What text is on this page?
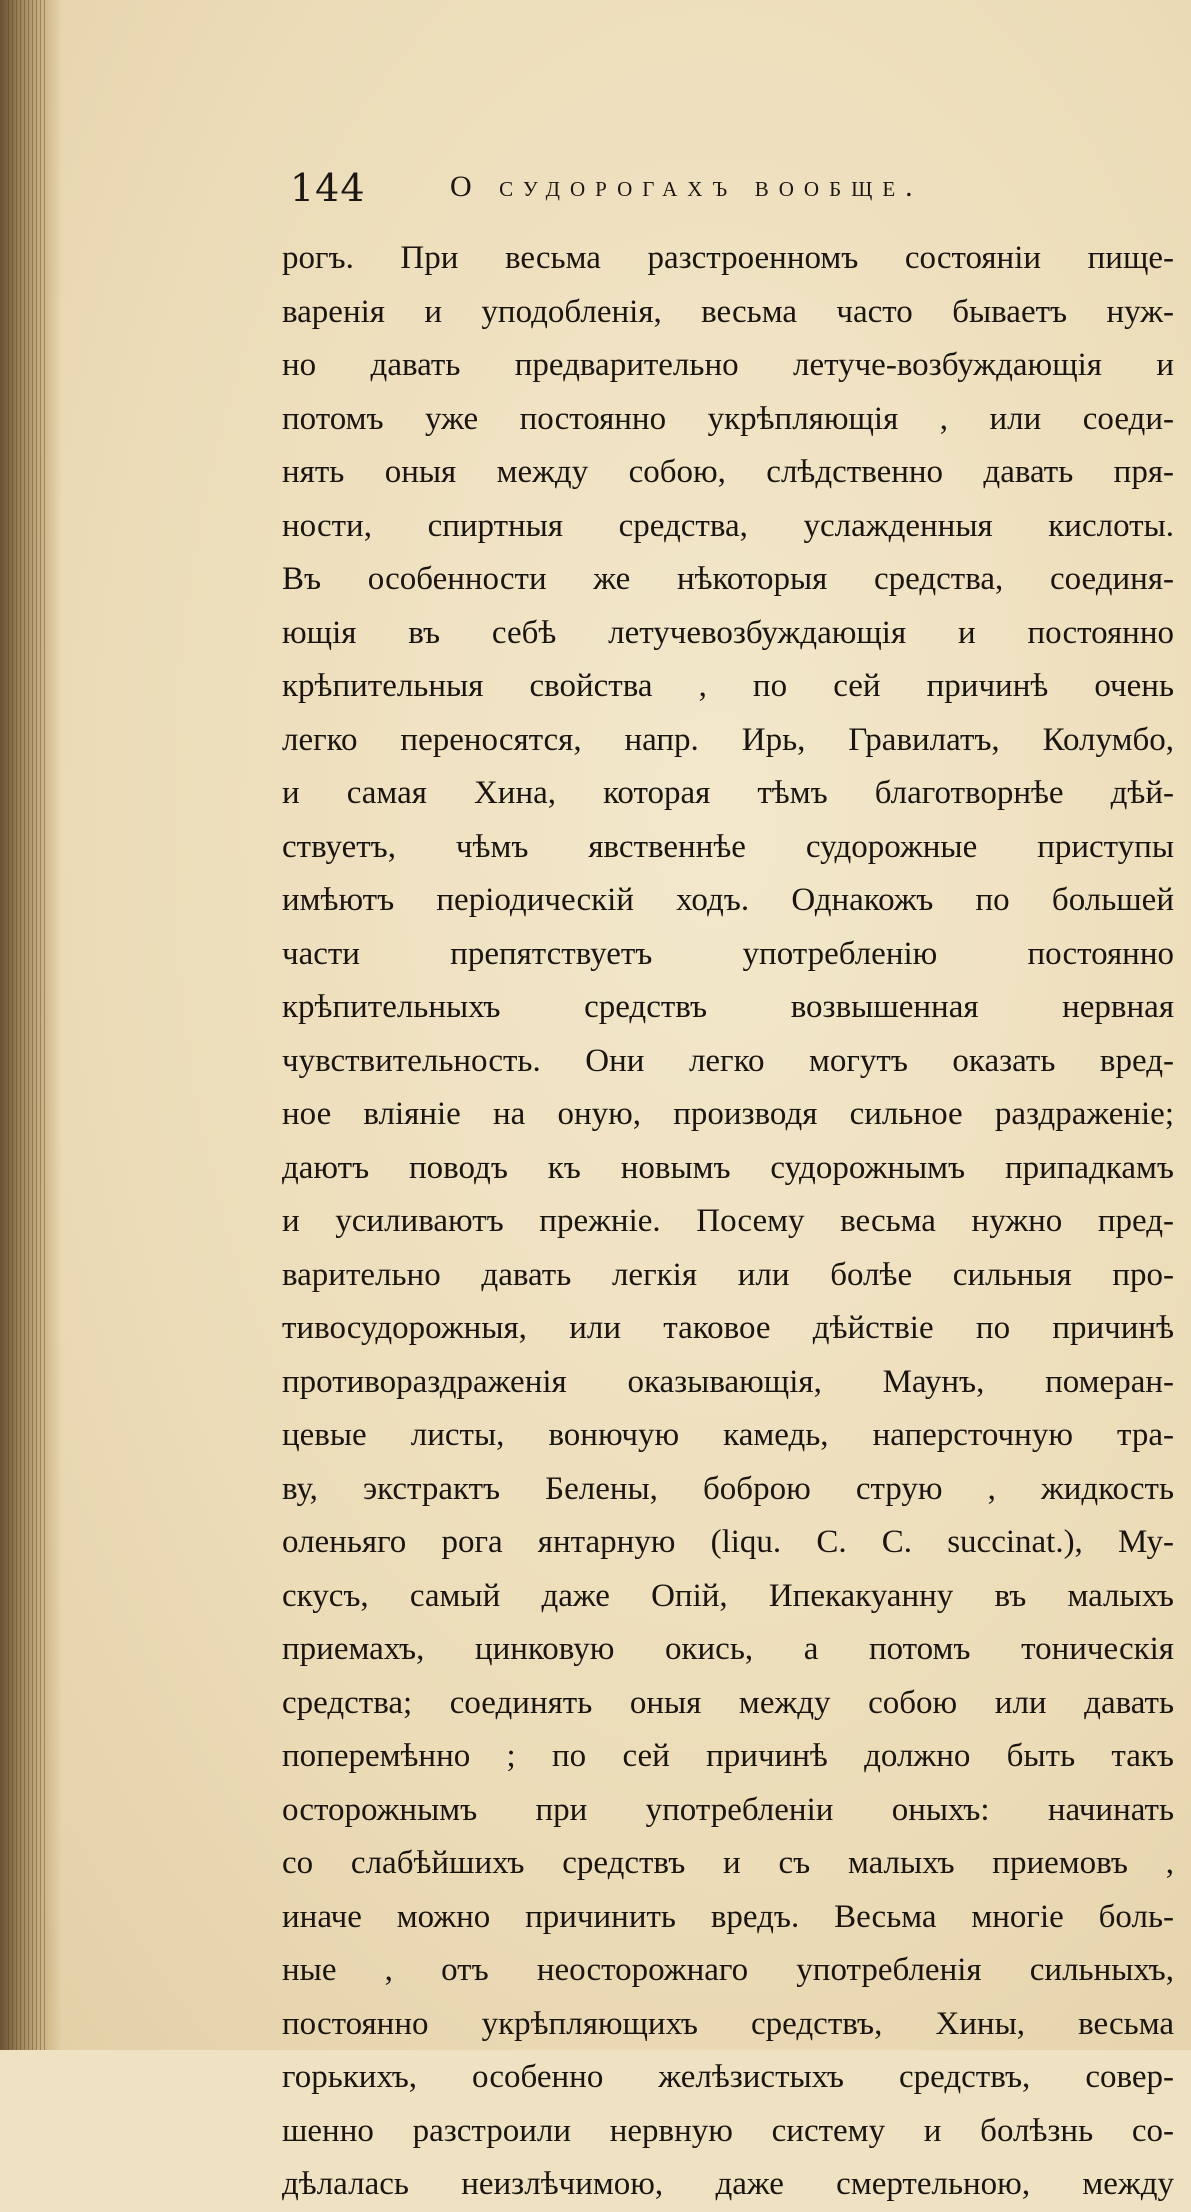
144	О судорогахъ вообще.
рогъ. При весьма разстроенномъ состояніи пище-
варенія и уподобленія, весьма часто бываетъ нуж-
но давать предварительно летуче-возбуждающія и
потомъ уже постоянно укрѣпляющія , или соеди-
нять оныя между собою, слѣдственно давать пря-
ности, спиртныя средства, услажденныя кислоты.
Въ особенности же нѣкоторыя средства, соединя-
ющія въ себѣ летучевозбуждающія и постоянно
крѣпительныя свойства , по сей причинѣ очень
легко переносятся, напр. Ирь, Гравилатъ, Колумбо,
и самая Хина, которая тѣмъ благотворнѣе дѣй-
ствуетъ, чѣмъ явственнѣе судорожные приступы
имѣютъ періодическій ходъ. Однакожъ по большей
части препятствуетъ употребленію постоянно
крѣпительныхъ средствъ возвышенная нервная
чувствительность. Они легко могутъ оказать вред-
ное вліяніе на оную, производя сильное раздраженіе;
даютъ поводъ къ новымъ судорожнымъ припадкамъ
и усиливаютъ прежніе. Посему весьма нужно пред-
варительно давать легкія или болѣе сильныя про-
тивосудорожныя, или таковое дѣйствіе по причинѣ
противораздраженія оказывающія, Маунъ, померан-
цевые листы, вонючую камедь, наперсточную тра-
ву, экстрактъ Белены, боброю струю , жидкость
оленьяго рога янтарную (liqu. C. C. succinat.), Му-
скусъ, самый даже Опій, Ипекакуанну въ малыхъ
приемахъ, цинковую окись, а потомъ тоническія
средства; соединять оныя между собою или давать
поперемѣнно ; по сей причинѣ должно быть такъ
осторожнымъ при употребленіи оныхъ: начинать
со слабѣйшихъ средствъ и съ малыхъ приемовъ ,
иначе можно причинить вредъ. Весьма многіе боль-
ные , отъ неосторожнаго употребленія сильныхъ,
постоянно укрѣпляющихъ средствъ, Хины, весьма
горькихъ, особенно желѣзистыхъ средствъ, совер-
шенно разстроили нервную систему и болѣзнь со-
дѣлалась неизлѣчимою, даже смертельною, между
